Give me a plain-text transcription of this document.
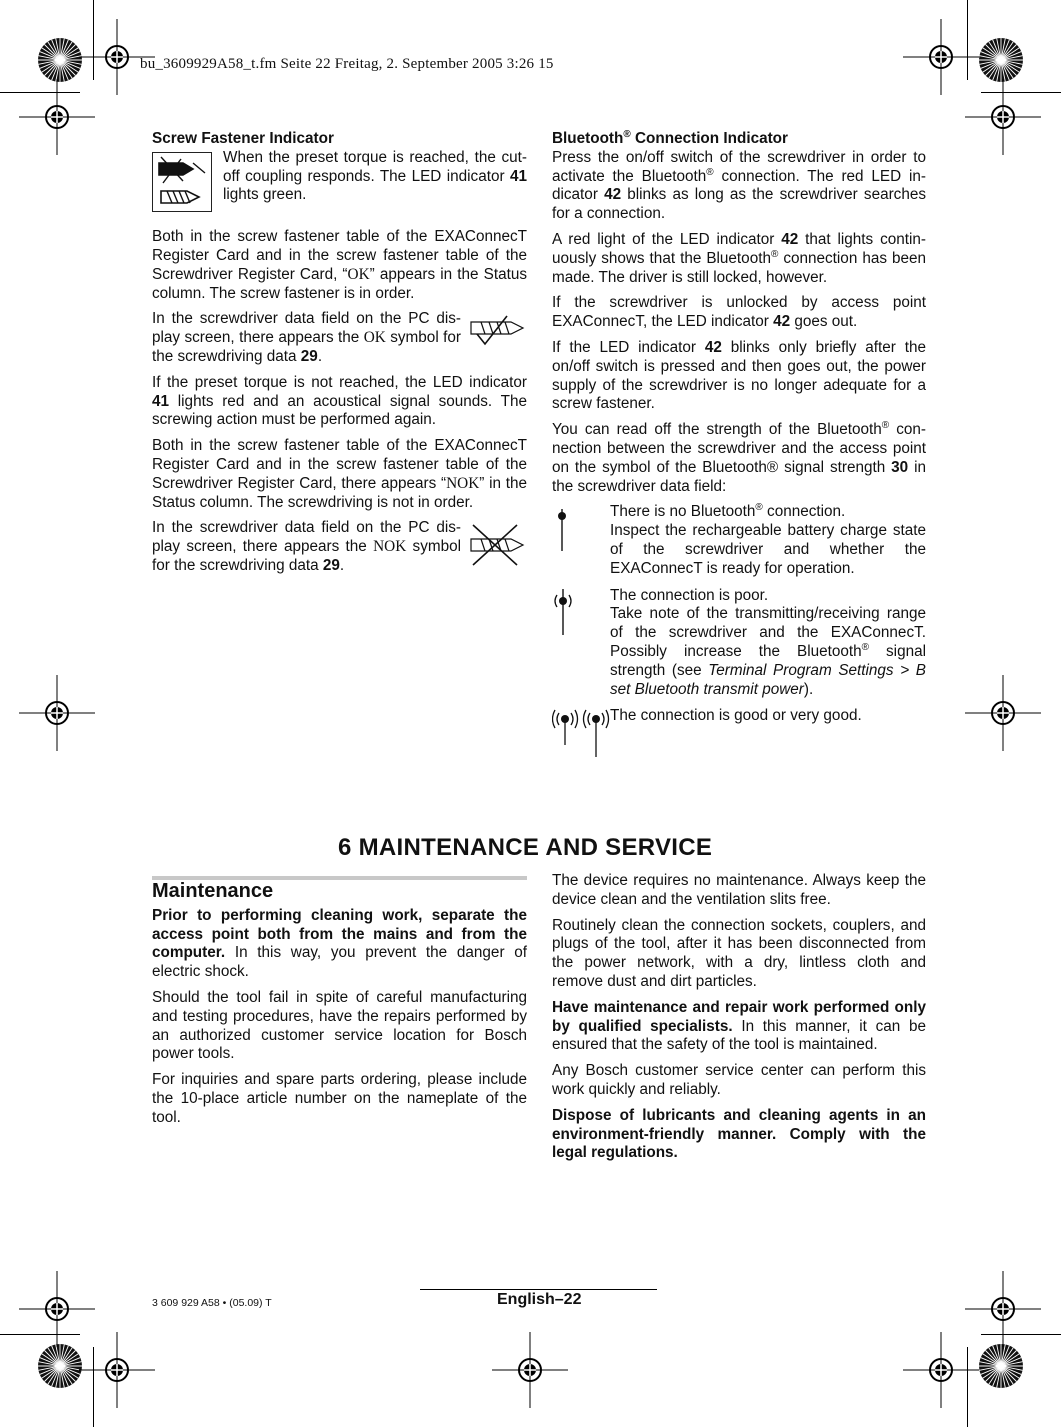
bu_3609929A58_t.fm Seite 22 Freitag, 2. September 2005 3:26 15
Screw Fastener Indicator

When the preset torque is reached, the cut-off coupling responds. The LED indicator 41 lights green.

Both in the screw fastener table of the EXAConnecT Register Card and in the screw fastener table of the Screwdriver Register Card, “OK” appears in the Status column. The screw fastener is in order.

In the screwdriver data field on the PC display screen, there appears the OK symbol for the screwdriving data 29.

If the preset torque is not reached, the LED indicator 41 lights red and an acoustical signal sounds. The screwing action must be performed again.

Both in the screw fastener table of the EXAConnecT Register Card and in the screw fastener table of the Screwdriver Register Card, there appears “NOK” in the Status column. The screwdriving is not in order.

In the screwdriver data field on the PC display screen, there appears the NOK symbol for the screwdriving data 29.

Bluetooth® Connection Indicator

Press the on/off switch of the screwdriver in order to activate the Bluetooth® connection. The red LED indicator 42 blinks as long as the screwdriver searches for a connection.

A red light of the LED indicator 42 that lights continuously shows that the Bluetooth® connection has been made. The driver is still locked, however.

If the screwdriver is unlocked by access point EXAConnecT, the LED indicator 42 goes out.

If the LED indicator 42 blinks only briefly after the on/off switch is pressed and then goes out, the power supply of the screwdriver is no longer adequate for a screw fastener.

You can read off the strength of the Bluetooth® connection between the screwdriver and the access point on the symbol of the Bluetooth® signal strength 30 in the screwdriver data field:

There is no Bluetooth® connection.
Inspect the rechargeable battery charge state of the screwdriver and whether the EXAConnecT is ready for operation.
The connection is poor.
Take note of the transmitting/receiving range of the screwdriver and the EXAConnecT. Possibly increase the Bluetooth® signal strength (see Terminal Program Settings > B set Bluetooth transmit power).
The connection is good or very good.
6 MAINTENANCE AND SERVICE
Maintenance

Prior to performing cleaning work, separate the access point both from the mains and from the computer. In this way, you prevent the danger of electric shock.

Should the tool fail in spite of careful manufacturing and testing procedures, have the repairs performed by an authorized customer service location for Bosch power tools.

For inquiries and spare parts ordering, please include the 10-place article number on the nameplate of the tool.

The device requires no maintenance. Always keep the device clean and the ventilation slits free.

Routinely clean the connection sockets, couplers, and plugs of the tool, after it has been disconnected from the power network, with a dry, lintless cloth and remove dust and dirt particles.

Have maintenance and repair work performed only by qualified specialists. In this manner, it can be ensured that the safety of the tool is maintained.

Any Bosch customer service center can perform this work quickly and reliably.

Dispose of lubricants and cleaning agents in an environment-friendly manner. Comply with the legal regulations.

3 609 929 A58 • (05.09) T	English–22
